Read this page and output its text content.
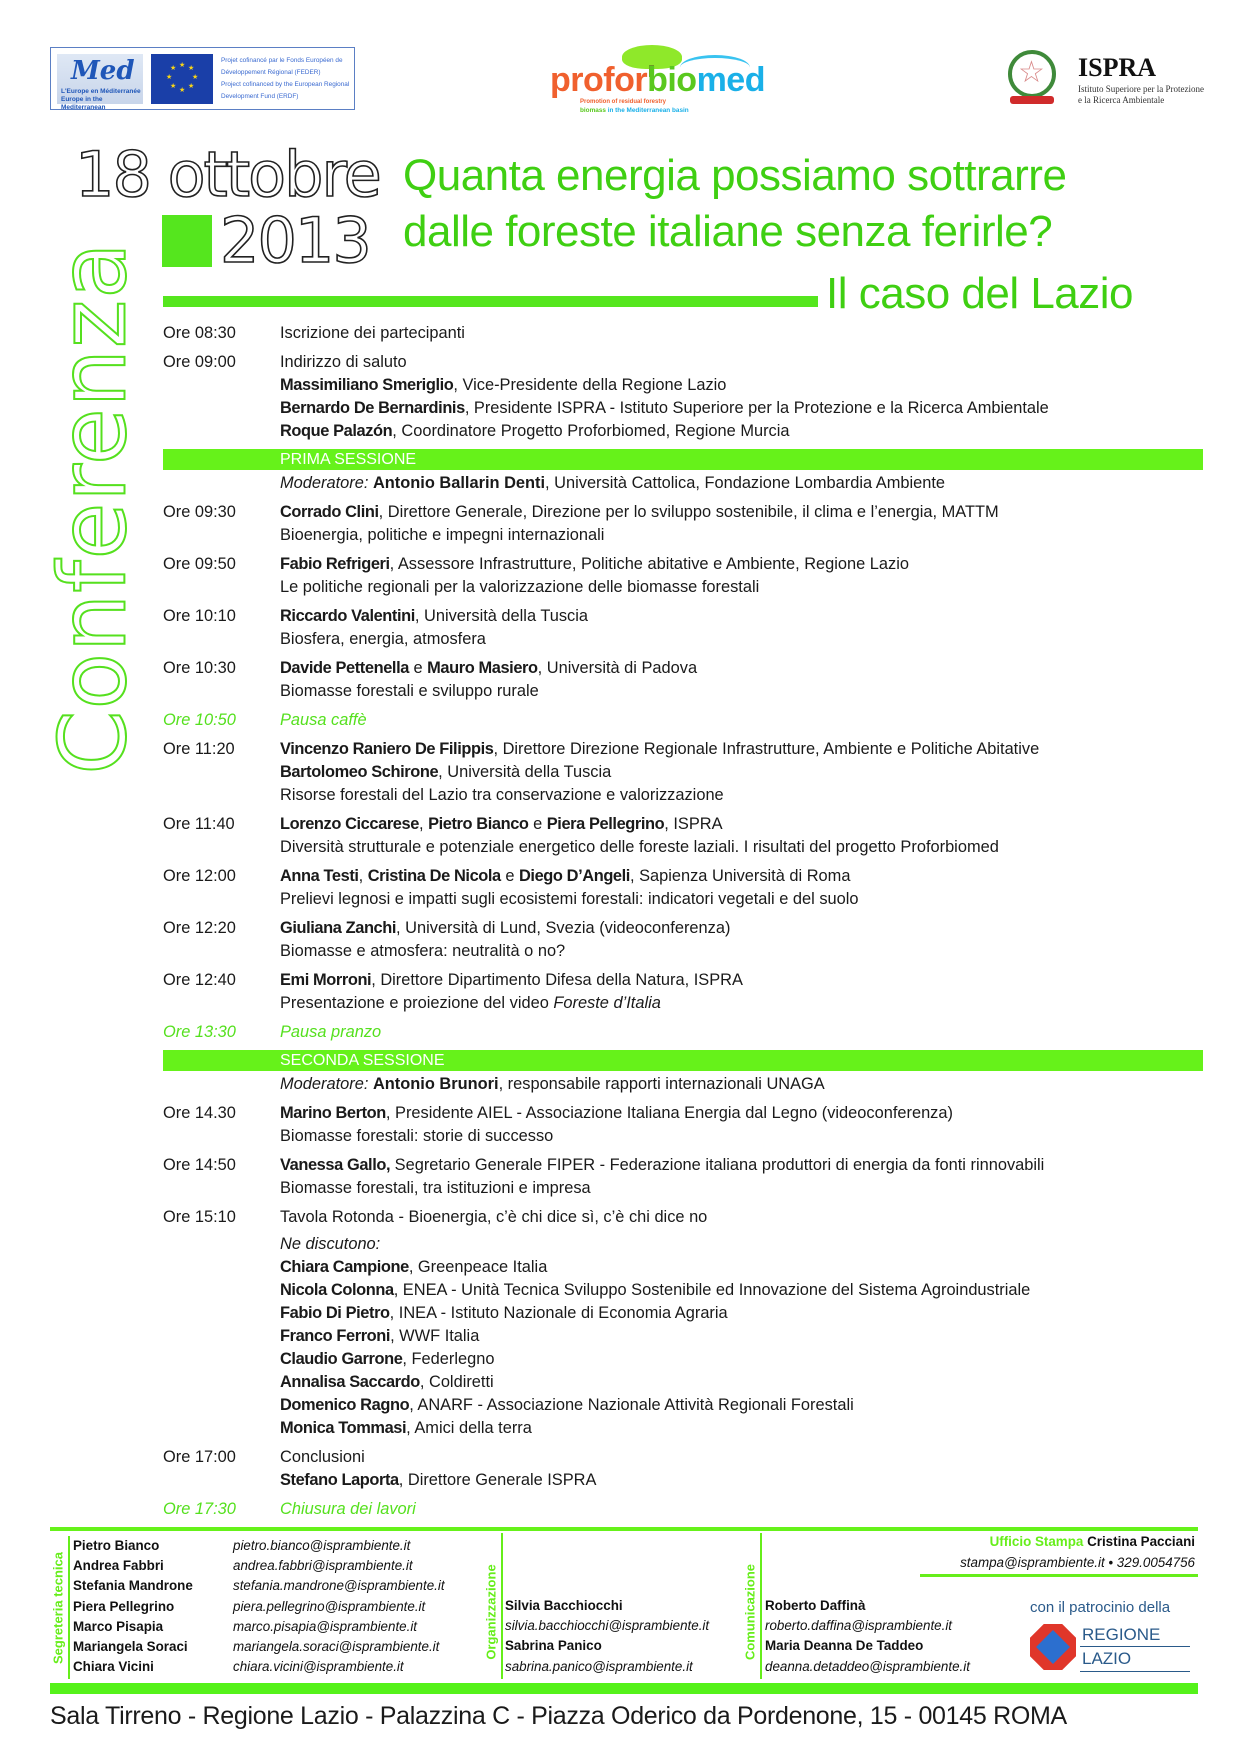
Med
L'Europe en Méditerranée
Europe in the Mediterranean
★ ★
★
★
★
★
★
★
Projet cofinancé par le Fonds Européen de Développement Régional (FEDER)
Project cofinanced by the European Regional Development Fund (ERDF)	proforbiomed
Promotion of residual forestry
biomass in the Mediterranean basin
☆ ISPRA
Istituto Superiore per la Protezione
e la Ricerca Ambientale
Conferenza
18 ottobre
2013
Quanta energia possiamo sottrarre
dalle foreste italiane senza ferirle?
Il caso del Lazio
Ore 08:30	Iscrizione dei partecipanti
Ore 09:00	Indirizzo di saluto
Massimiliano Smeriglio, Vice-Presidente della Regione Lazio
Bernardo De Bernardinis, Presidente ISPRA - Istituto Superiore per la Protezione e la Ricerca Ambientale
Roque Palazón, Coordinatore Progetto Proforbiomed, Regione Murcia
PRIMA SESSIONE
Moderatore: Antonio Ballarin Denti, Università Cattolica, Fondazione Lombardia Ambiente
Ore 09:30	Corrado Clini, Direttore Generale, Direzione per lo sviluppo sostenibile, il clima e l’energia, MATTM
Bioenergia, politiche e impegni internazionali
Ore 09:50	Fabio Refrigeri, Assessore Infrastrutture, Politiche abitative e Ambiente, Regione Lazio
Le politiche regionali per la valorizzazione delle biomasse forestali
Ore 10:10	Riccardo Valentini, Università della Tuscia
Biosfera, energia, atmosfera
Ore 10:30	Davide Pettenella e Mauro Masiero, Università di Padova
Biomasse forestali e sviluppo rurale
Ore 10:50	Pausa caffè
Ore 11:20	Vincenzo Raniero De Filippis, Direttore Direzione Regionale Infrastrutture, Ambiente e Politiche Abitative
Bartolomeo Schirone, Università della Tuscia
Risorse forestali del Lazio tra conservazione e valorizzazione
Ore 11:40	Lorenzo Ciccarese, Pietro Bianco e Piera Pellegrino, ISPRA
Diversità strutturale e potenziale energetico delle foreste laziali. I risultati del progetto Proforbiomed
Ore 12:00	Anna Testi, Cristina De Nicola e Diego D’Angeli, Sapienza Università di Roma
Prelievi legnosi e impatti sugli ecosistemi forestali: indicatori vegetali e del suolo
Ore 12:20	Giuliana Zanchi, Università di Lund, Svezia (videoconferenza)
Biomasse e atmosfera: neutralità o no?
Ore 12:40	Emi Morroni, Direttore Dipartimento Difesa della Natura, ISPRA
Presentazione e proiezione del video Foreste d’Italia
Ore 13:30	Pausa pranzo
SECONDA SESSIONE
Moderatore: Antonio Brunori, responsabile rapporti internazionali UNAGA
Ore 14.30	Marino Berton, Presidente AIEL - Associazione Italiana Energia dal Legno (videoconferenza)
Biomasse forestali: storie di successo
Ore 14:50	Vanessa Gallo, Segretario Generale FIPER - Federazione italiana produttori di energia da fonti rinnovabili
Biomasse forestali, tra istituzioni e impresa
Ore 15:10	Tavola Rotonda - Bioenergia, c’è chi dice sì, c’è chi dice no
Ne discutono:
Chiara Campione, Greenpeace Italia
Nicola Colonna, ENEA - Unità Tecnica Sviluppo Sostenibile ed Innovazione del Sistema Agroindustriale
Fabio Di Pietro, INEA - Istituto Nazionale di Economia Agraria
Franco Ferroni, WWF Italia
Claudio Garrone, Federlegno
Annalisa Saccardo, Coldiretti
Domenico Ragno, ANARF - Associazione Nazionale Attività Regionali Forestali
Monica Tommasi, Amici della terra
Ore 17:00	Conclusioni
Stefano Laporta, Direttore Generale ISPRA
Ore 17:30	Chiusura dei lavori
Segreteria tecnica
Pietro Bianco	pietro.bianco@isprambiente.it
Andrea Fabbri	andrea.fabbri@isprambiente.it
Stefania Mandrone	stefania.mandrone@isprambiente.it
Piera Pellegrino	piera.pellegrino@isprambiente.it
Marco Pisapia	marco.pisapia@isprambiente.it
Mariangela Soraci	mariangela.soraci@isprambiente.it
Chiara Vicini	chiara.vicini@isprambiente.it
Organizzazione Silvia Bacchiocchi
silvia.bacchiocchi@isprambiente.it
Sabrina Panico
sabrina.panico@isprambiente.it
Comunicazione Roberto Daffinà
roberto.daffina@isprambiente.it
Maria Deanna De Taddeo
deanna.detaddeo@isprambiente.it
Ufficio Stampa Cristina Pacciani
stampa@isprambiente.it • 329.0054756
con il patrocinio della
REGIONE
LAZIO
Sala Tirreno - Regione Lazio - Palazzina C - Piazza Oderico da Pordenone, 15 - 00145 ROMA
